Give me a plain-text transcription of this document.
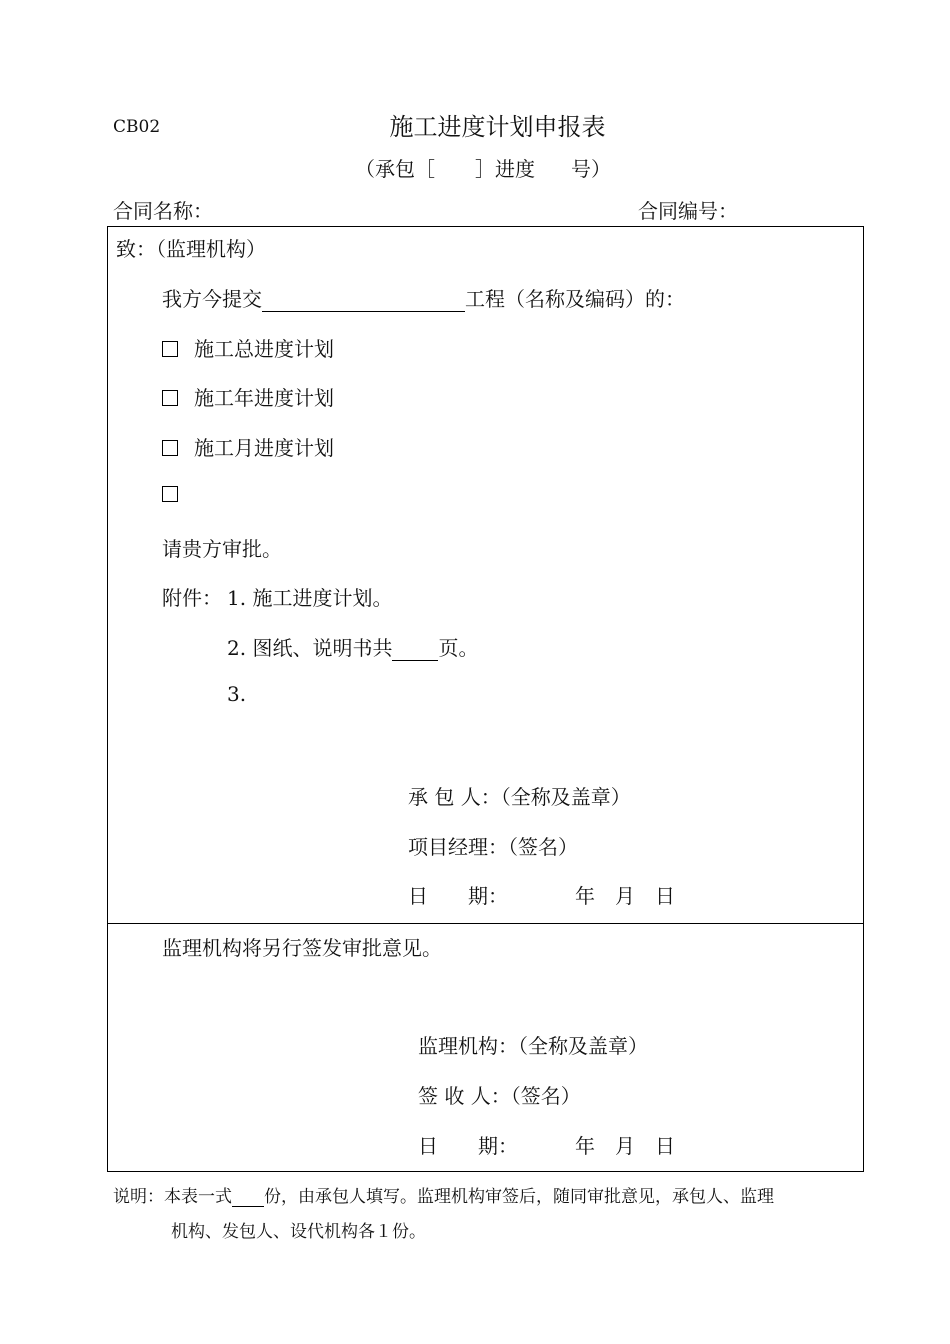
CB02	施工进度计划申报表
（承包［ ］进度 号）
合同名称：	合同编号：
致：（监理机构）
我方今提交	工程（名称及编码）的：
施工总进度计划
施工年进度计划
施工月进度计划
请贵方审批。
附件： 1. 施工进度计划。
2. 图纸、说明书共 页。
3.
承 包 人：（全称及盖章）
项目经理：（签名）
日　　期：	年　月　日
监理机构将另行签发审批意见。
监理机构：（全称及盖章）
签 收 人：（签名）
日　　期：	年　月　日
说明：本表一式 份，由承包人填写。监理机构审签后，随同审批意见，承包人、监理
机构、发包人、设代机构各１份。
